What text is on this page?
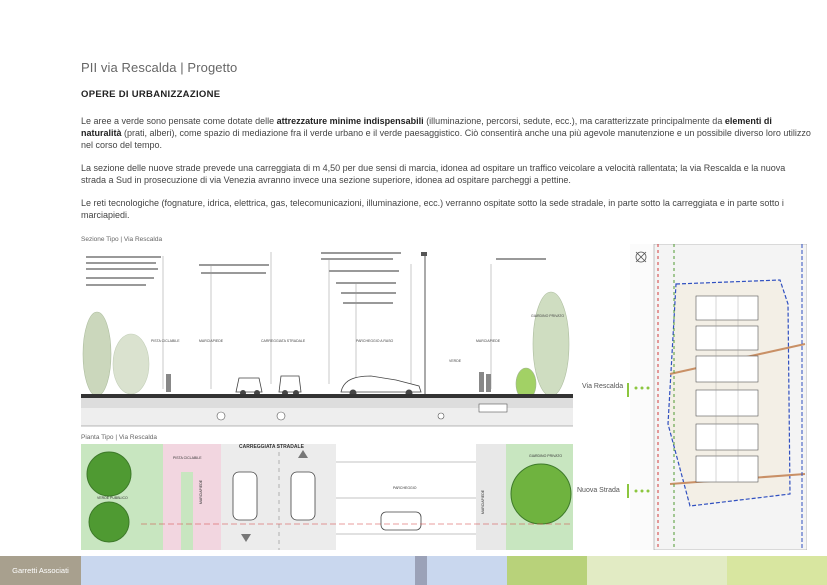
PII via Rescalda | Progetto
OPERE DI URBANIZZAZIONE

Le aree a verde sono pensate come dotate delle attrezzature minime indispensabili (illuminazione, percorsi, sedute, ecc.), ma caratterizzate principalmente da elementi di naturalità (prati, alberi), come spazio di mediazione fra il verde urbano e il verde paesaggistico. Ciò consentirà anche una più agevole manutenzione e un possibile diverso loro utilizzo nel corso del tempo.

La sezione delle nuove strade prevede una carreggiata di m 4,50 per due sensi di marcia, idonea ad ospitare un traffico veicolare a velocità rallentata; la via Rescalda e la nuova strada a Sud in prosecuzione di via Venezia avranno invece una sezione superiore, idonea ad ospitare parcheggi a pettine.

Le reti tecnologiche (fognature, idrica, elettrica, gas, telecomunicazioni, illuminazione, ecc.) verranno ospitate sotto la sede stradale, in parte sotto la carreggiata e in parte sotto i marciapiedi.

Sezione Tipo | Via Rescalda
PISTA CICLABILE	MARCIAPIEDE	CARREGGIATA STRADALE	PARCHEGGIO A RASO	MARCIAPIEDE
VERDE
GIARDINO PRIVATO
Pianta Tipo | Via Rescalda
CARREGGIATA STRADALE
VERDE PUBBLICO
PISTA CICLABILE
PARCHEGGIO
GIARDINO PRIVATO
MARCIAPIEDE	MARCIAPIEDE
Via Rescalda
Nuova Strada
Garretti Associati
